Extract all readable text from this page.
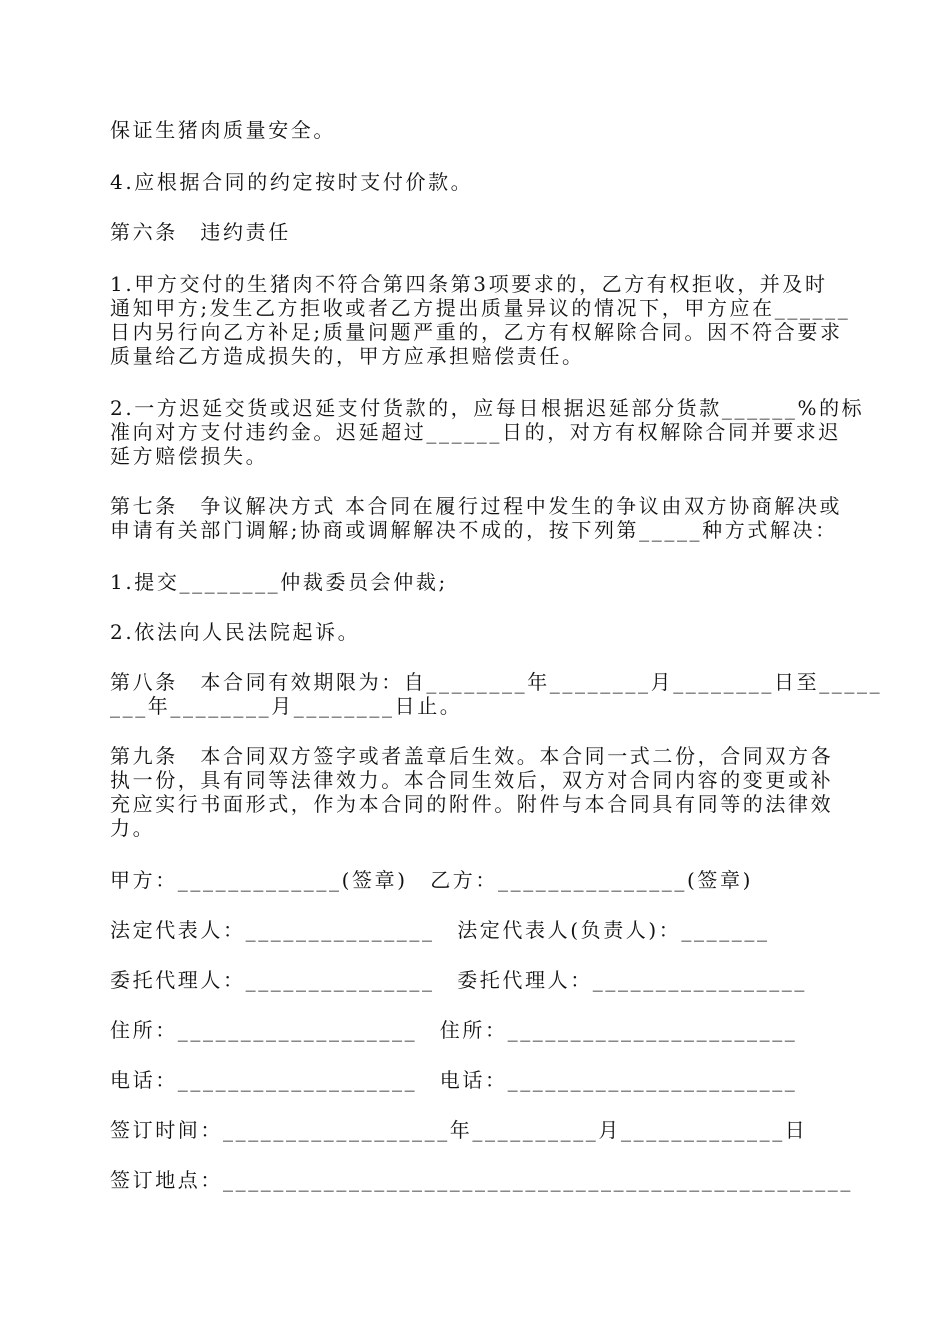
保证生猪肉质量安全。
4.应根据合同的约定按时支付价款。
第六条　违约责任
1.甲方交付的生猪肉不符合第四条第3项要求的，乙方有权拒收，并及时
通知甲方;发生乙方拒收或者乙方提出质量异议的情况下，甲方应在______
日内另行向乙方补足;质量问题严重的，乙方有权解除合同。因不符合要求
质量给乙方造成损失的，甲方应承担赔偿责任。
2.一方迟延交货或迟延支付货款的，应每日根据迟延部分货款______%的标
准向对方支付违约金。迟延超过______日的，对方有权解除合同并要求迟
延方赔偿损失。
第七条　争议解决方式 本合同在履行过程中发生的争议由双方协商解决或
申请有关部门调解;协商或调解解决不成的，按下列第_____种方式解决：
1.提交________仲裁委员会仲裁;
2.依法向人民法院起诉。
第八条　本合同有效期限为：自________年________月________日至_____
___年________月________日止。
第九条　本合同双方签字或者盖章后生效。本合同一式二份，合同双方各
执一份，具有同等法律效力。本合同生效后，双方对合同内容的变更或补
充应实行书面形式，作为本合同的附件。附件与本合同具有同等的法律效
力。
甲方：_____________(签章)　乙方：_______________(签章)
法定代表人：_______________　法定代表人(负责人)：_______
委托代理人：_______________　委托代理人：_________________
住所：___________________　住所：_______________________
电话：___________________　电话：_______________________
签订时间：__________________年__________月_____________日
签订地点：__________________________________________________
